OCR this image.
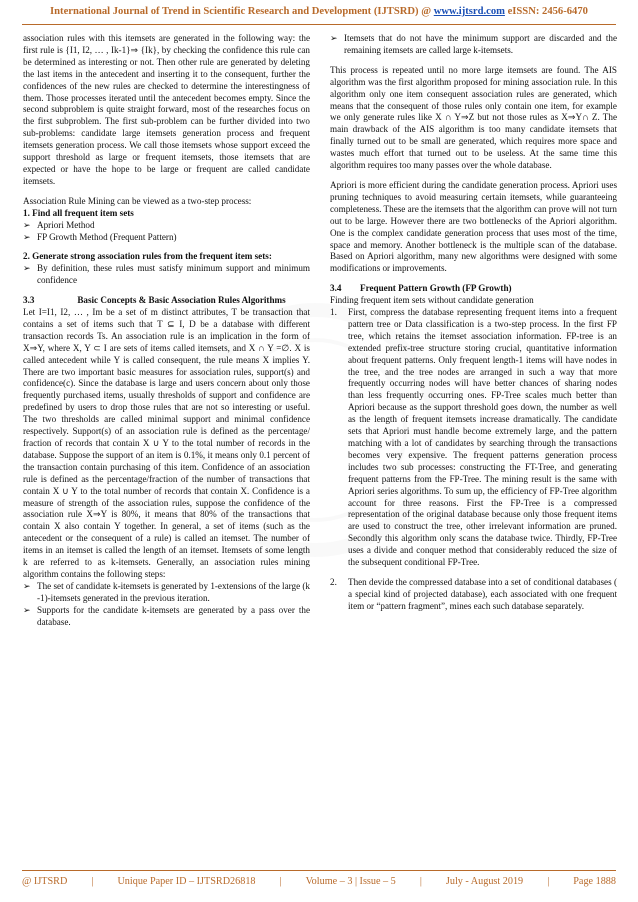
International Journal of Trend in Scientific Research and Development (IJTSRD) @ www.ijtsrd.com eISSN: 2456-6470

association rules with this itemsets are generated in the following way: the first rule is {I1, I2, … , Ik-1}⇒ {Ik}, by checking the confidence this rule can be determined as interesting or not. Then other rule are generated by deleting the last items in the antecedent and inserting it to the consequent, further the confidences of the new rules are checked to determine the interestingness of them. Those processes iterated until the antecedent becomes empty. Since the second subproblem is quite straight forward, most of the researches focus on the first subproblem. The first sub-problem can be further divided into two sub-problems: candidate large itemsets generation process and frequent itemsets generation process. We call those itemsets whose support exceed the support threshold as large or frequent itemsets, those itemsets that are expected or have the hope to be large or frequent are called candidate itemsets.

Association Rule Mining can be viewed as a two-step process:

1. Find all frequent item sets
➢ Apriori Method
➢ FP Growth Method (Frequent Pattern)
2. Generate strong association rules from the frequent item sets:
➢ By definition, these rules must satisfy minimum support and minimum confidence
3.3	Basic Concepts & Basic Association Rules Algorithms

Let I=I1, I2, … , Im be a set of m distinct attributes, T be transaction that contains a set of items such that T ⊆ I, D be a database with different transaction records Ts. An association rule is an implication in the form of X⇒Y, where X, Y ⊂ I are sets of items called itemsets, and X ∩ Y =∅. X is called antecedent while Y is called consequent, the rule means X implies Y. There are two important basic measures for association rules, support(s) and confidence(c). Since the database is large and users concern about only those frequently purchased items, usually thresholds of support and confidence are predefined by users to drop those rules that are not so interesting or useful. The two thresholds are called minimal support and minimal confidence respectively. Support(s) of an association rule is defined as the percentage/ fraction of records that contain X ∪ Y to the total number of records in the database. Suppose the support of an item is 0.1%, it means only 0.1 percent of the transaction contain purchasing of this item. Confidence of an association rule is defined as the percentage/fraction of the number of transactions that contain X ∪ Y to the total number of records that contain X. Confidence is a measure of strength of the association rules, suppose the confidence of the association rule X⇒Y is 80%, it means that 80% of the transactions that contain X also contain Y together. In general, a set of items (such as the antecedent or the consequent of a rule) is called an itemset. The number of items in an itemset is called the length of an itemset. Itemsets of some length k are referred to as k-itemsets. Generally, an association rules mining algorithm contains the following steps:

➢ The set of candidate k-itemsets is generated by 1-extensions of the large (k -1)-itemsets generated in the previous iteration.
➢ Supports for the candidate k-itemsets are generated by a pass over the database.
➢ Itemsets that do not have the minimum support are discarded and the remaining itemsets are called large k-itemsets.

This process is repeated until no more large itemsets are found. The AIS algorithm was the first algorithm proposed for mining association rule. In this algorithm only one item consequent association rules are generated, which means that the consequent of those rules only contain one item, for example we only generate rules like X ∩ Y⇒Z but not those rules as X⇒Y∩ Z. The main drawback of the AIS algorithm is too many candidate itemsets that finally turned out to be small are generated, which requires more space and wastes much effort that turned out to be useless. At the same time this algorithm requires too many passes over the whole database.

Apriori is more efficient during the candidate generation process. Apriori uses pruning techniques to avoid measuring certain itemsets, while guaranteeing completeness. These are the itemsets that the algorithm can prove will not turn out to be large. However there are two bottlenecks of the Apriori algorithm. One is the complex candidate generation process that uses most of the time, space and memory. Another bottleneck is the multiple scan of the database. Based on Apriori algorithm, many new algorithms were designed with some modifications or improvements.

3.4	Frequent Pattern Growth (FP Growth)

Finding frequent item sets without candidate generation

1.	First, compress the database representing frequent items into a frequent pattern tree or Data classification is a two-step process. In the first FP tree, which retains the itemset association information. FP-tree is an extended prefix-tree structure storing crucial, quantitative information about frequent patterns. Only frequent length-1 items will have nodes in the tree, and the tree nodes are arranged in such a way that more frequently occurring nodes will have better chances of sharing nodes than less frequently occurring ones. FP-Tree scales much better than Apriori because as the support threshold goes down, the number as well as the length of frequent itemsets increase dramatically. The candidate sets that Apriori must handle become extremely large, and the pattern matching with a lot of candidates by searching through the transactions becomes very expensive. The frequent patterns generation process includes two sub processes: constructing the FT-Tree, and generating frequent patterns from the FP-Tree. The mining result is the same with Apriori series algorithms. To sum up, the efficiency of FP-Tree algorithm account for three reasons. First the FP-Tree is a compressed representation of the original database because only those frequent items are used to construct the tree, other irrelevant information are pruned. Secondly this algorithm only scans the database twice. Thirdly, FP-Tree uses a divide and conquer method that considerably reduced the size of the subsequent conditional FP-Tree.
2.	Then devide the compressed database into a set of conditional databases ( a special kind of projected database), each associated with one frequent item or “pattern fragment”, mines each such database separately.
@ IJTSRD | Unique Paper ID – IJTSRD26818 | Volume – 3 | Issue – 5 | July - August 2019 | Page 1888
